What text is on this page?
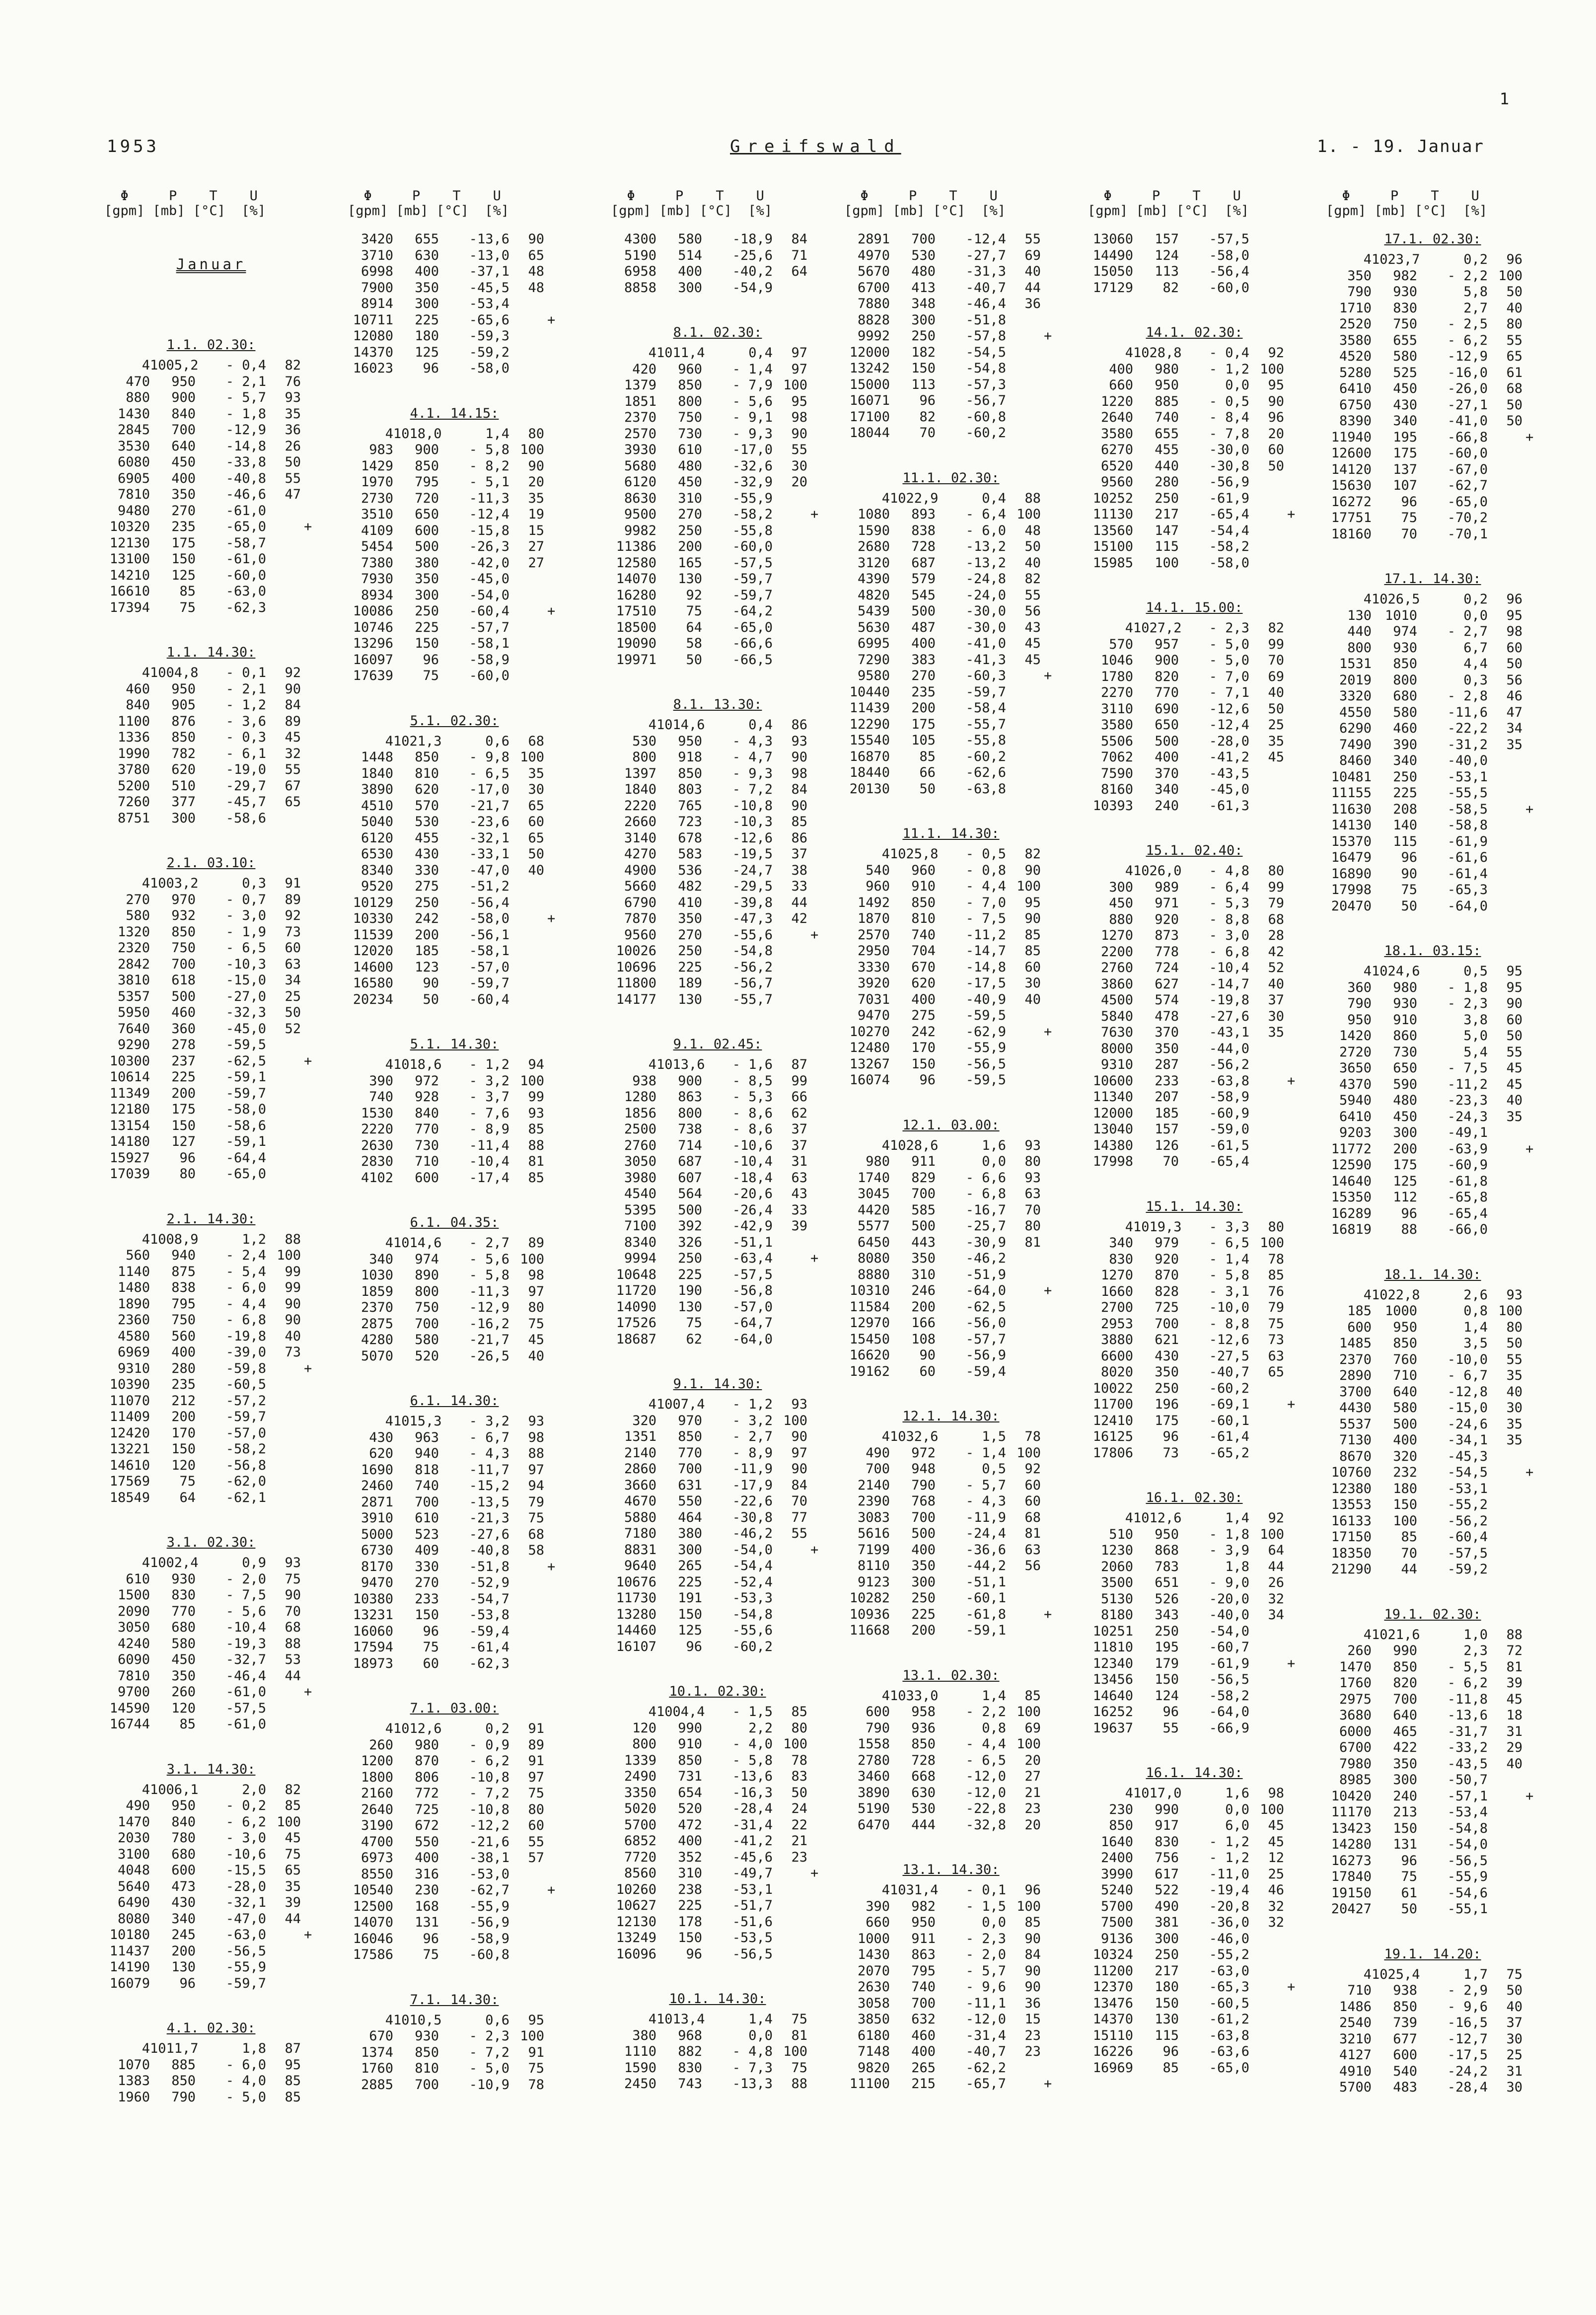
1
1953	Greifswald	1. - 19. Januar
Φ     P    T    U
[gpm] [mb] [°C]  [%]
Januar
1.1. 02.30:
4 1005,2	- 0,4	82
470	950	- 2,1	76
880	900	- 5,7	93
1430	840	- 1,8	35
2845	700	-12,9	36
3530	640	-14,8	26
6080	450	-33,8	50
6905	400	-40,8	55
7810	350	-46,6	47
9480	270	-61,0
10320	235	-65,0	+
12130	175	-58,7
13100	150	-61,0
14210	125	-60,0
16610	85	-63,0
17394	75	-62,3
1.1. 14.30:
4 1004,8	- 0,1	92
460	950	- 2,1	90
840	905	- 1,2	84
1100	876	- 3,6	89
1336	850	- 0,3	45
1990	782	- 6,1	32
3780	620	-19,0	55
5200	510	-29,7	67
7260	377	-45,7	65
8751	300	-58,6
2.1. 03.10:
4 1003,2	0,3	91
270	970	- 0,7	89
580	932	- 3,0	92
1320	850	- 1,9	73
2320	750	- 6,5	60
2842	700	-10,3	63
3810	618	-15,0	34
5357	500	-27,0	25
5950	460	-32,3	50
7640	360	-45,0	52
9290	278	-59,5
10300	237	-62,5	+
10614	225	-59,1
11349	200	-59,7
12180	175	-58,0
13154	150	-58,6
14180	127	-59,1
15927	96	-64,4
17039	80	-65,0
2.1. 14.30:
4 1008,9	1,2	88
560	940	- 2,4 100
1140	875	- 5,4	99
1480	838	- 6,0	99
1890	795	- 4,4	90
2360	750	- 6,8	90
4580	560	-19,8	40
6969	400	-39,0	73
9310	280	-59,8	+
10390	235	-60,5
11070	212	-57,2
11409	200	-59,7
12420	170	-57,0
13221	150	-58,2
14610	120	-56,8
17569	75	-62,0
18549	64	-62,1
3.1. 02.30:
4 1002,4	0,9	93
610	930	- 2,0	75
1500	830	- 7,5	90
2090	770	- 5,6	70
3050	680	-10,4	68
4240	580	-19,3	88
6090	450	-32,7	53
7810	350	-46,4	44
9700	260	-61,0	+
14590	120	-57,5
16744	85	-61,0
3.1. 14.30:
4 1006,1	2,0	82
490	950	- 0,2	85
1470	840	- 6,2 100
2030	780	- 3,0	45
3100	680	-10,6	75
4048	600	-15,5	65
5640	473	-28,0	35
6490	430	-32,1	39
8080	340	-47,0	44
10180	245	-63,0	+
11437	200	-56,5
14190	130	-55,9
16079	96	-59,7
4.1. 02.30:
4 1011,7	1,8	87
1070	885	- 6,0	95
1383	850	- 4,0	85
1960	790	- 5,0	85
Φ     P    T    U
[gpm] [mb] [°C]  [%]
3420	655	-13,6	90
3710	630	-13,0	65
6998	400	-37,1	48
7900	350	-45,5	48
8914	300	-53,4
10711	225	-65,6	+
12080	180	-59,3
14370	125	-59,2
16023	96	-58,0
4.1. 14.15:
4 1018,0	1,4	80
983	900	- 5,8 100
1429	850	- 8,2	90
1970	795	- 5,1	20
2730	720	-11,3	35
3510	650	-12,4	19
4109	600	-15,8	15
5454	500	-26,3	27
7380	380	-42,0	27
7930	350	-45,0
8934	300	-54,0
10086	250	-60,4	+
10746	225	-57,7
13296	150	-58,1
16097	96	-58,9
17639	75	-60,0
5.1. 02.30:
4 1021,3	0,6	68
1448	850	- 9,8 100
1840	810	- 6,5	35
3890	620	-17,0	30
4510	570	-21,7	65
5040	530	-23,6	60
6120	455	-32,1	65
6530	430	-33,1	50
8340	330	-47,0	40
9520	275	-51,2
10129	250	-56,4
10330	242	-58,0	+
11539	200	-56,1
12020	185	-58,1
14600	123	-57,0
16580	90	-59,7
20234	50	-60,4
5.1. 14.30:
4 1018,6	- 1,2	94
390	972	- 3,2 100
740	928	- 3,7	99
1530	840	- 7,6	93
2220	770	- 8,9	85
2630	730	-11,4	88
2830	710	-10,4	81
4102	600	-17,4	85
6.1. 04.35:
4 1014,6	- 2,7	89
340	974	- 5,6 100
1030	890	- 5,8	98
1859	800	-11,3	97
2370	750	-12,9	80
2875	700	-16,2	75
4280	580	-21,7	45
5070	520	-26,5	40
6.1. 14.30:
4 1015,3	- 3,2	93
430	963	- 6,7	98
620	940	- 4,3	88
1690	818	-11,7	97
2460	740	-15,2	94
2871	700	-13,5	79
3910	610	-21,3	75
5000	523	-27,6	68
6730	409	-40,8	58
8170	330	-51,8	+
9470	270	-52,9
10380	233	-54,7
13231	150	-53,8
16060	96	-59,4
17594	75	-61,4
18973	60	-62,3
7.1. 03.00:
4 1012,6	0,2	91
260	980	- 0,9	89
1200	870	- 6,2	91
1800	806	-10,8	97
2160	772	- 7,2	75
2640	725	-10,8	80
3190	672	-12,2	60
4700	550	-21,6	55
6973	400	-38,1	57
8550	316	-53,0
10540	230	-62,7	+
12500	168	-55,9
14070	131	-56,9
16046	96	-58,9
17586	75	-60,8
7.1. 14.30:
4 1010,5	0,6	95
670	930	- 2,3 100
1374	850	- 7,2	91
1760	810	- 5,0	75
2885	700	-10,9	78
Φ     P    T    U
[gpm] [mb] [°C]  [%]
4300	580	-18,9	84
5190	514	-25,6	71
6958	400	-40,2	64
8858	300	-54,9
8.1. 02.30:
4 1011,4	0,4	97
420	960	- 1,4	97
1379	850	- 7,9 100
1851	800	- 5,6	95
2370	750	- 9,1	98
2570	730	- 9,3	90
3930	610	-17,0	55
5680	480	-32,6	30
6120	450	-32,9	20
8630	310	-55,9
9500	270	-58,2	+
9982	250	-55,8
11386	200	-60,0
12580	165	-57,5
14070	130	-59,7
16280	92	-59,7
17510	75	-64,2
18500	64	-65,0
19090	58	-66,6
19971	50	-66,5
8.1. 13.30:
4 1014,6	0,4	86
530	950	- 4,3	93
800	918	- 4,7	90
1397	850	- 9,3	98
1840	803	- 7,2	84
2220	765	-10,8	90
2660	723	-10,3	85
3140	678	-12,6	86
4270	583	-19,5	37
4900	536	-24,7	38
5660	482	-29,5	33
6790	410	-39,8	44
7870	350	-47,3	42
9560	270	-55,6	+
10026	250	-54,8
10696	225	-56,2
11800	189	-56,7
14177	130	-55,7
9.1. 02.45:
4 1013,6	- 1,6	87
938	900	- 8,5	99
1280	863	- 5,3	66
1856	800	- 8,6	62
2500	738	- 8,6	37
2760	714	-10,6	37
3050	687	-10,4	31
3980	607	-18,4	63
4540	564	-20,6	43
5395	500	-26,4	33
7100	392	-42,9	39
8340	326	-51,1
9994	250	-63,4	+
10648	225	-57,5
11720	190	-56,8
14090	130	-57,0
17526	75	-64,7
18687	62	-64,0
9.1. 14.30:
4 1007,4	- 1,2	93
320	970	- 3,2 100
1351	850	- 2,7	90
2140	770	- 8,9	97
2860	700	-11,9	90
3660	631	-17,9	84
4670	550	-22,6	70
5880	464	-30,8	77
7180	380	-46,2	55
8831	300	-54,0	+
9640	265	-54,4
10676	225	-52,4
11730	191	-53,3
13280	150	-54,8
14460	125	-55,6
16107	96	-60,2
10.1. 02.30:
4 1004,4	- 1,5	85
120	990	2,2	80
800	910	- 4,0 100
1339	850	- 5,8	78
2490	731	-13,6	83
3350	654	-16,3	50
5020	520	-28,4	24
5700	472	-31,4	22
6852	400	-41,2	21
7720	352	-45,6	23
8560	310	-49,7	+
10260	238	-53,1
10627	225	-51,7
12130	178	-51,6
13249	150	-53,5
16096	96	-56,5
10.1. 14.30:
4 1013,4	1,4	75
380	968	0,0	81
1110	882	- 4,8 100
1590	830	- 7,3	75
2450	743	-13,3	88
Φ     P    T    U
[gpm] [mb] [°C]  [%]
2891	700	-12,4	55
4970	530	-27,7	69
5670	480	-31,3	40
6700	413	-40,7	44
7880	348	-46,4	36
8828	300	-51,8
9992	250	-57,8	+
12000	182	-54,5
13242	150	-54,8
15000	113	-57,3
16071	96	-56,7
17100	82	-60,8
18044	70	-60,2
11.1. 02.30:
4 1022,9	0,4	88
1080	893	- 6,4 100
1590	838	- 6,0	48
2680	728	-13,2	50
3120	687	-13,2	40
4390	579	-24,8	82
4820	545	-24,0	55
5439	500	-30,0	56
5630	487	-30,0	43
6995	400	-41,0	45
7290	383	-41,3	45
9580	270	-60,3	+
10440	235	-59,7
11439	200	-58,4
12290	175	-55,7
15540	105	-55,8
16870	85	-60,2
18440	66	-62,6
20130	50	-63,8
11.1. 14.30:
4 1025,8	- 0,5	82
540	960	- 0,8	90
960	910	- 4,4 100
1492	850	- 7,0	95
1870	810	- 7,5	90
2570	740	-11,2	85
2950	704	-14,7	85
3330	670	-14,8	60
3920	620	-17,5	30
7031	400	-40,9	40
9470	275	-59,5
10270	242	-62,9	+
12480	170	-55,9
13267	150	-56,5
16074	96	-59,5
12.1. 03.00:
4 1028,6	1,6	93
980	911	0,0	80
1740	829	- 6,6	93
3045	700	- 6,8	63
4420	585	-16,7	70
5577	500	-25,7	80
6450	443	-30,9	81
8080	350	-46,2
8880	310	-51,9
10310	246	-64,0	+
11584	200	-62,5
12970	166	-56,0
15450	108	-57,7
16620	90	-56,9
19162	60	-59,4
12.1. 14.30:
4 1032,6	1,5	78
490	972	- 1,4 100
700	948	0,5	92
2140	790	- 5,7	60
2390	768	- 4,3	60
3083	700	-11,9	68
5616	500	-24,4	81
7199	400	-36,6	63
8110	350	-44,2	56
9123	300	-51,1
10282	250	-60,1
10936	225	-61,8	+
11668	200	-59,1
13.1. 02.30:
4 1033,0	1,4	85
600	958	- 2,2 100
790	936	0,8	69
1558	850	- 4,4 100
2780	728	- 6,5	20
3460	668	-12,0	27
3890	630	-12,0	21
5190	530	-22,8	23
6470	444	-32,8	20
13.1. 14.30:
4 1031,4	- 0,1	96
390	982	- 1,5 100
660	950	0,0	85
1000	911	- 2,3	90
1430	863	- 2,0	84
2070	795	- 5,7	90
2630	740	- 9,6	90
3058	700	-11,1	36
3850	632	-12,0	15
6180	460	-31,4	23
7148	400	-40,7	23
9820	265	-62,2
11100	215	-65,7	+
Φ     P    T    U
[gpm] [mb] [°C]  [%]
13060	157	-57,5
14490	124	-58,0
15050	113	-56,4
17129	82	-60,0
14.1. 02.30:
4 1028,8	- 0,4	92
400	980	- 1,2 100
660	950	0,0	95
1220	885	- 0,5	90
2640	740	- 8,4	96
3580	655	- 7,8	20
6270	455	-30,0	60
6520	440	-30,8	50
9560	280	-56,9
10252	250	-61,9
11130	217	-65,4	+
13560	147	-54,4
15100	115	-58,2
15985	100	-58,0
14.1. 15.00:
4 1027,2	- 2,3	82
570	957	- 5,0	99
1046	900	- 5,0	70
1780	820	- 7,0	69
2270	770	- 7,1	40
3110	690	-12,6	50
3580	650	-12,4	25
5506	500	-28,0	35
7062	400	-41,2	45
7590	370	-43,5
8160	340	-45,0
10393	240	-61,3
15.1. 02.40:
4 1026,0	- 4,8	80
300	989	- 6,4	99
450	971	- 5,3	79
880	920	- 8,8	68
1270	873	- 3,0	28
2200	778	- 6,8	42
2760	724	-10,4	52
3860	627	-14,7	40
4500	574	-19,8	37
5840	478	-27,6	30
7630	370	-43,1	35
8000	350	-44,0
9310	287	-56,2
10600	233	-63,8	+
11340	207	-58,9
12000	185	-60,9
13040	157	-59,0
14380	126	-61,5
17998	70	-65,4
15.1. 14.30:
4 1019,3	- 3,3	80
340	979	- 6,5 100
830	920	- 1,4	78
1270	870	- 5,8	85
1660	828	- 3,1	76
2700	725	-10,0	79
2953	700	- 8,8	75
3880	621	-12,6	73
6600	430	-27,5	63
8020	350	-40,7	65
10022	250	-60,2
11700	196	-69,1	+
12410	175	-60,1
16125	96	-61,4
17806	73	-65,2
16.1. 02.30:
4 1012,6	1,4	92
510	950	- 1,8 100
1230	868	- 3,9	64
2060	783	1,8	44
3500	651	- 9,0	26
5130	526	-20,0	32
8180	343	-40,0	34
10251	250	-54,0
11810	195	-60,7
12340	179	-61,9	+
13456	150	-56,5
14640	124	-58,2
16252	96	-64,0
19637	55	-66,9
16.1. 14.30:
4 1017,0	1,6	98
230	990	0,0 100
850	917	6,0	45
1640	830	- 1,2	45
2400	756	- 1,2	12
3990	617	-11,0	25
5240	522	-19,4	46
5700	490	-20,8	32
7500	381	-36,0	32
9136	300	-46,0
10324	250	-55,2
11200	217	-63,0
12370	180	-65,3	+
13476	150	-60,5
14370	130	-61,2
15110	115	-63,8
16226	96	-63,6
16969	85	-65,0
Φ     P    T    U
[gpm] [mb] [°C]  [%]
17.1. 02.30:
4 1023,7	0,2	96
350	982	- 2,2 100
790	930	5,8	50
1710	830	2,7	40
2520	750	- 2,5	80
3580	655	- 6,2	55
4520	580	-12,9	65
5280	525	-16,0	61
6410	450	-26,0	68
6750	430	-27,1	50
8390	340	-41,0	50
11940	195	-66,8	+
12600	175	-60,0
14120	137	-67,0
15630	107	-62,7
16272	96	-65,0
17751	75	-70,2
18160	70	-70,1
17.1. 14.30:
4 1026,5	0,2	96
130 1010	0,0	95
440	974	- 2,7	98
800	930	6,7	60
1531	850	4,4	50
2019	800	0,3	56
3320	680	- 2,8	46
4550	580	-11,6	47
6290	460	-22,2	34
7490	390	-31,2	35
8460	340	-40,0
10481	250	-53,1
11155	225	-55,5
11630	208	-58,5	+
14130	140	-58,8
15370	115	-61,9
16479	96	-61,6
16890	90	-61,4
17998	75	-65,3
20470	50	-64,0
18.1. 03.15:
4 1024,6	0,5	95
360	980	- 1,8	95
790	930	- 2,3	90
950	910	3,8	60
1420	860	5,0	50
2720	730	5,4	55
3650	650	- 7,5	45
4370	590	-11,2	45
5940	480	-23,3	40
6410	450	-24,3	35
9203	300	-49,1
11772	200	-63,9	+
12590	175	-60,9
14640	125	-61,8
15350	112	-65,8
16289	96	-65,4
16819	88	-66,0
18.1. 14.30:
4 1022,8	2,6	93
185 1000	0,8 100
600	950	1,4	80
1485	850	3,5	50
2370	760	-10,0	55
2890	710	- 6,7	35
3700	640	-12,8	40
4430	580	-15,0	30
5537	500	-24,6	35
7130	400	-34,1	35
8670	320	-45,3
10760	232	-54,5	+
12380	180	-53,1
13553	150	-55,2
16133	100	-56,2
17150	85	-60,4
18350	70	-57,5
21290	44	-59,2
19.1. 02.30:
4 1021,6	1,0	88
260	990	2,3	72
1470	850	- 5,5	81
1760	820	- 6,2	39
2975	700	-11,8	45
3680	640	-13,6	18
6000	465	-31,7	31
6700	422	-33,2	29
7980	350	-43,5	40
8985	300	-50,7
10420	240	-57,1	+
11170	213	-53,4
13423	150	-54,8
14280	131	-54,0
16273	96	-56,5
17840	75	-55,9
19150	61	-54,6
20427	50	-55,1
19.1. 14.20:
4 1025,4	1,7	75
710	938	- 2,9	50
1486	850	- 9,6	40
2540	739	-16,5	37
3210	677	-12,7	30
4127	600	-17,5	25
4910	540	-24,2	31
5700	483	-28,4	30
